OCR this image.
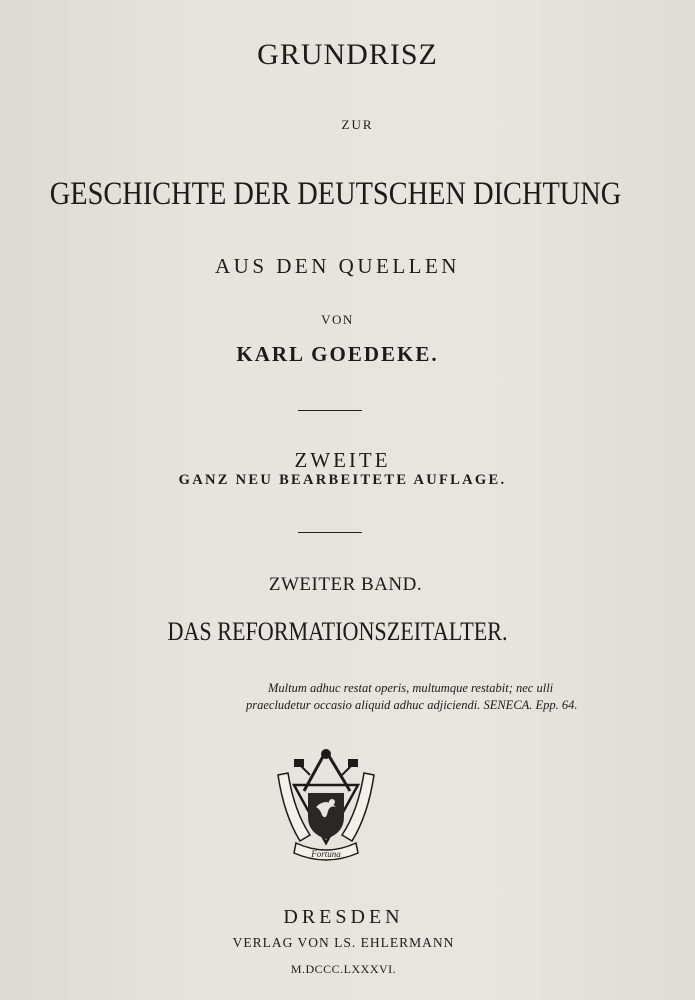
GRUNDRISZ
ZUR
GESCHICHTE DER DEUTSCHEN DICHTUNG
AUS DEN QUELLEN
VON
KARL GOEDEKE.
ZWEITE
GANZ NEU BEARBEITETE AUFLAGE.
ZWEITER BAND.
DAS REFORMATIONSZEITALTER.
Multum adhuc restat operis, multumque restabit; nec ulli
praecludetur occasio aliquid adhuc adjiciendi. SENECA. Epp. 64.
Fortuna
DRESDEN
VERLAG VON LS. EHLERMANN
M.DCCC.LXXXVI.
